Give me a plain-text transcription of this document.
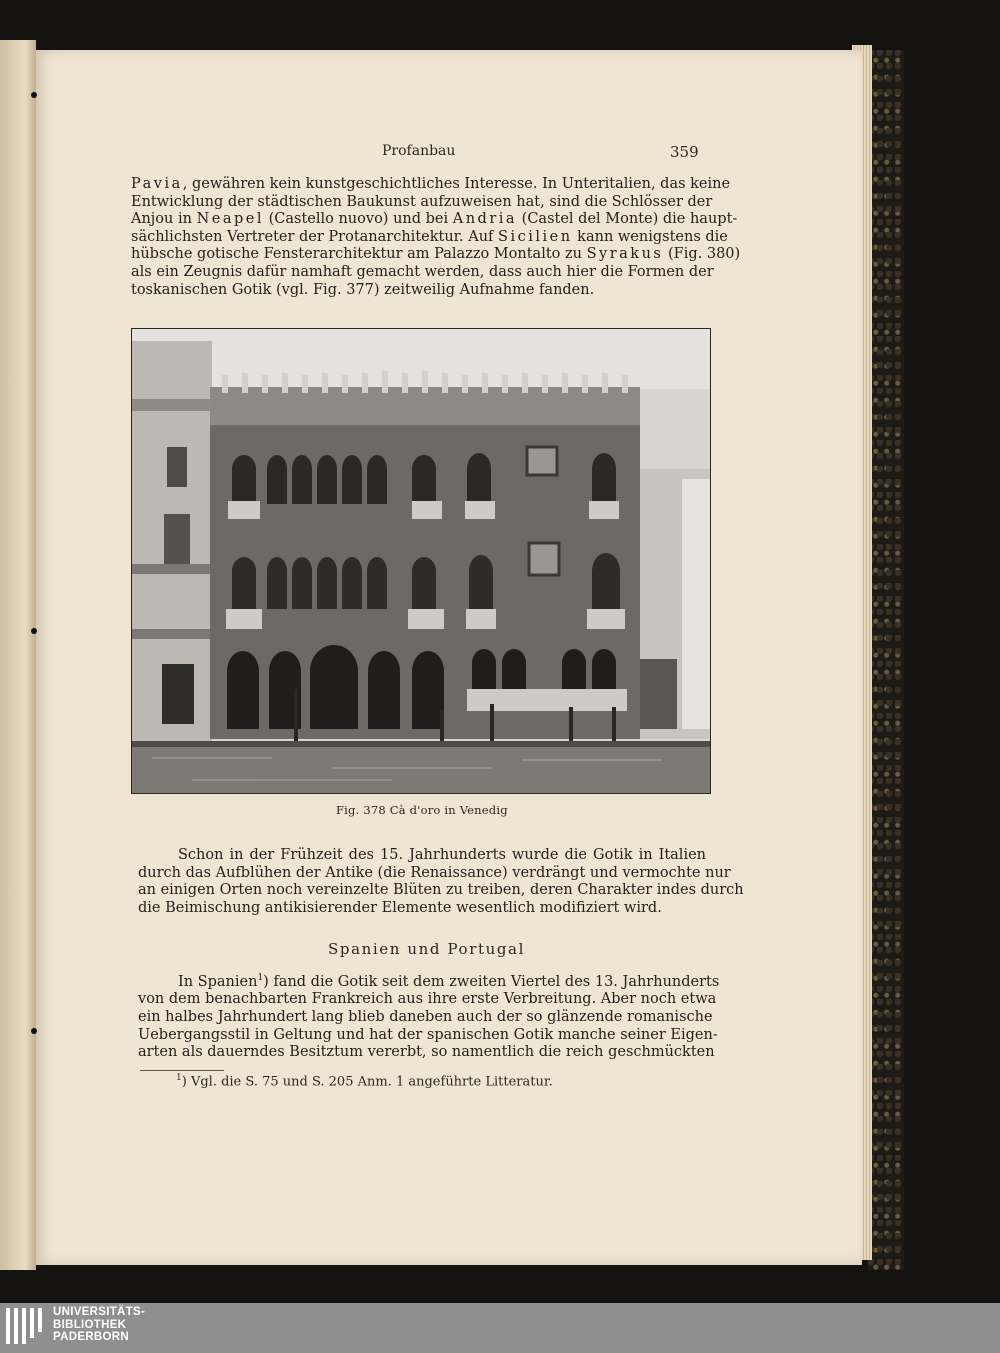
Profanbau	359
Pavia, gewähren kein kunstgeschichtliches Interesse. In Unteritalien, das keine
Entwicklung der städtischen Baukunst aufzuweisen hat, sind die Schlösser der
Anjou in Neapel (Castello nuovo) und bei Andria (Castel del Monte) die haupt-
sächlichsten Vertreter der Protanarchitektur. Auf Sicilien kann wenigstens die
hübsche gotische Fensterarchitektur am Palazzo Montalto zu Syrakus (Fig. 380)
als ein Zeugnis dafür namhaft gemacht werden, dass auch hier die Formen der
toskanischen Gotik (vgl. Fig. 377) zeitweilig Aufnahme fanden.
Fig. 378 Cà d'oro in Venedig
Schon in der Frühzeit des 15. Jahrhunderts wurde die Gotik in Italien
durch das Aufblühen der Antike (die Renaissance) verdrängt und vermochte nur
an einigen Orten noch vereinzelte Blüten zu treiben, deren Charakter indes durch
die Beimischung antikisierender Elemente wesentlich modifiziert wird.
Spanien und Portugal
In Spanien$^1$) fand die Gotik seit dem zweiten Viertel des 13. Jahrhunderts
von dem benachbarten Frankreich aus ihre erste Verbreitung. Aber noch etwa
ein halbes Jahrhundert lang blieb daneben auch der so glänzende romanische
Uebergangsstil in Geltung und hat der spanischen Gotik manche seiner Eigen-
arten als dauerndes Besitztum vererbt, so namentlich die reich geschmückten
$^1$) Vgl. die S. 75 und S. 205 Anm. 1 angeführte Litteratur.
UNIVERSITÄTS-
BIBLIOTHEK
PADERBORN
